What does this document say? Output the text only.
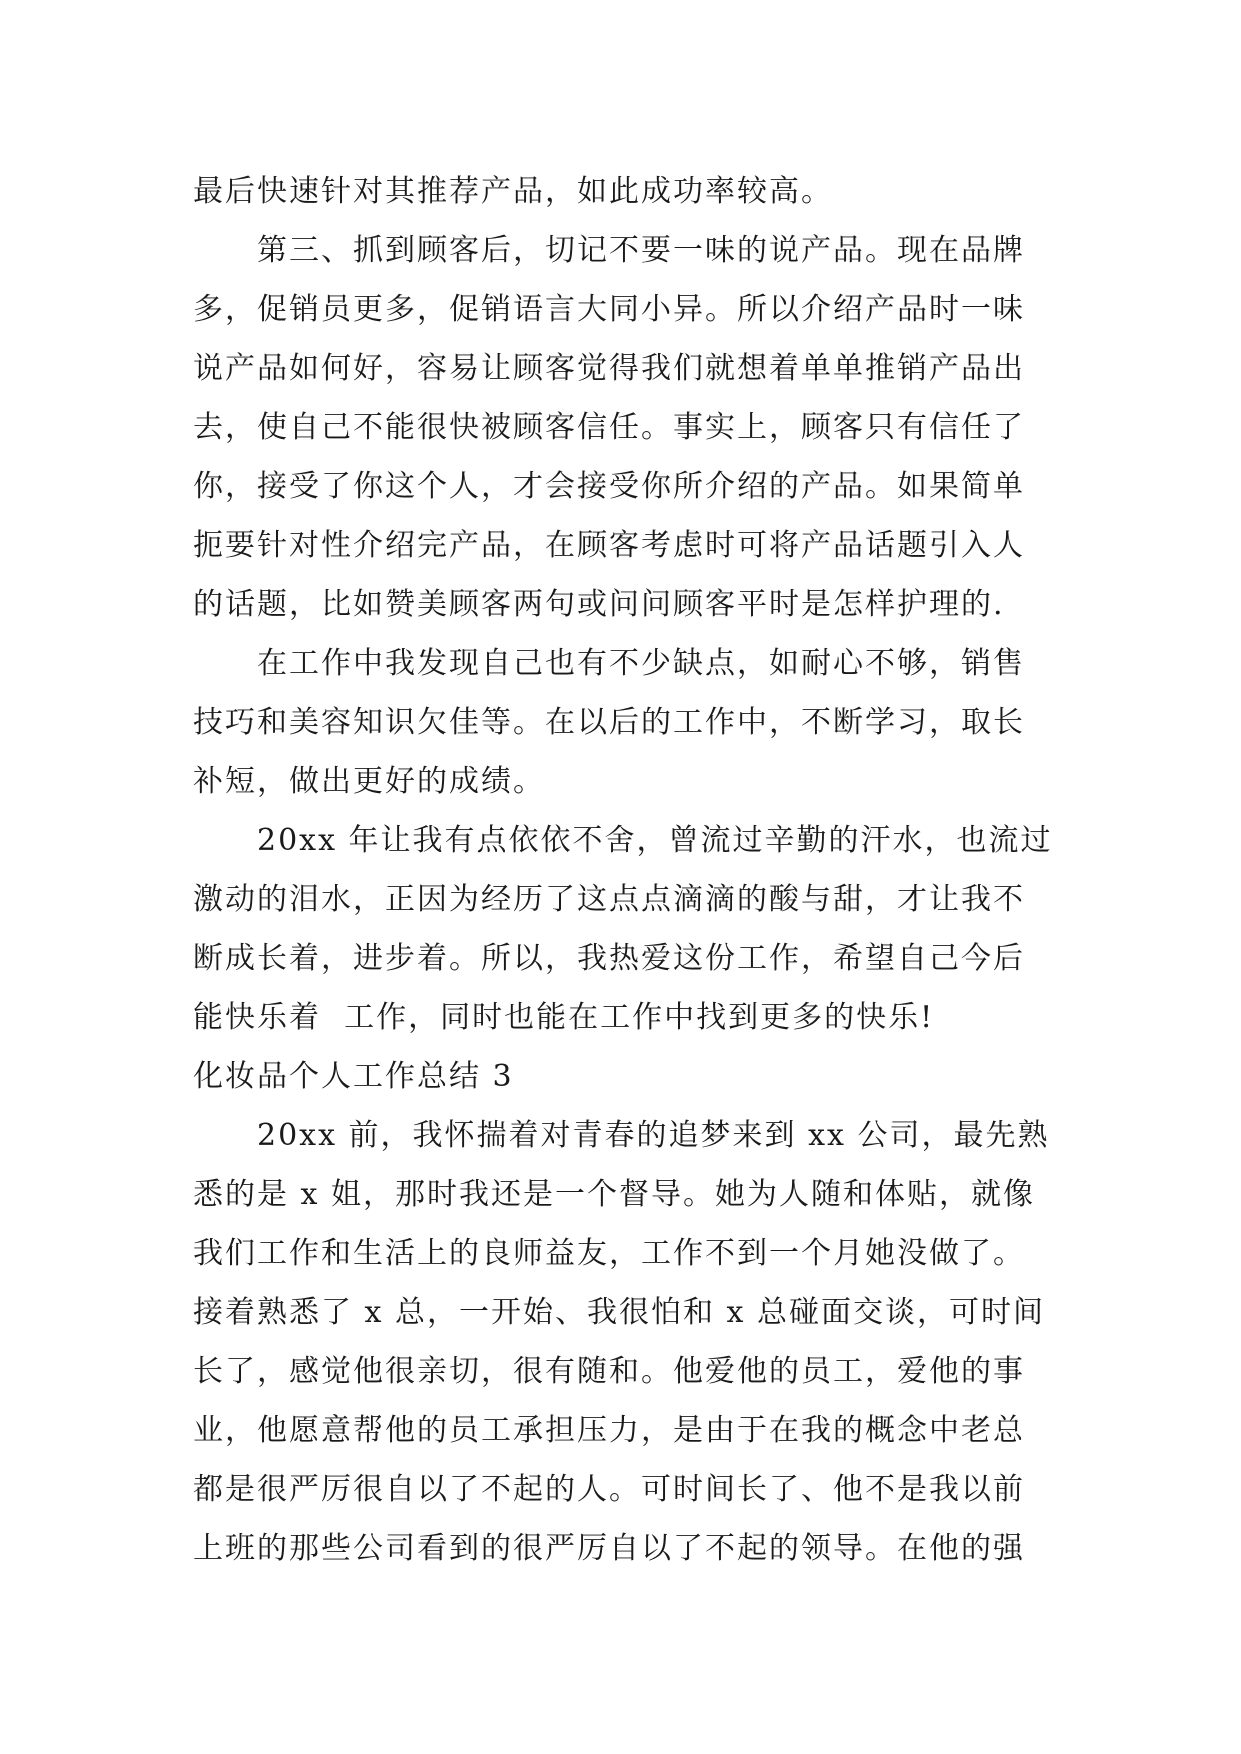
最后快速针对其推荐产品，如此成功率较高。
第三、抓到顾客后，切记不要一味的说产品。现在品牌
多，促销员更多，促销语言大同小异。所以介绍产品时一味
说产品如何好，容易让顾客觉得我们就想着单单推销产品出
去，使自己不能很快被顾客信任。事实上，顾客只有信任了
你，接受了你这个人，才会接受你所介绍的产品。如果简单
扼要针对性介绍完产品，在顾客考虑时可将产品话题引入人
的话题，比如赞美顾客两句或问问顾客平时是怎样护理的.
在工作中我发现自己也有不少缺点，如耐心不够，销售
技巧和美容知识欠佳等。在以后的工作中，不断学习，取长
补短，做出更好的成绩。
20xx 年让我有点依依不舍，曾流过辛勤的汗水，也流过
激动的泪水，正因为经历了这点点滴滴的酸与甜，才让我不
断成长着，进步着。所以，我热爱这份工作，希望自己今后
能快乐着  工作，同时也能在工作中找到更多的快乐!
化妆品个人工作总结 3
20xx 前，我怀揣着对青春的追梦来到 xx 公司，最先熟
悉的是 x 姐，那时我还是一个督导。她为人随和体贴，就像
我们工作和生活上的良师益友，工作不到一个月她没做了。
接着熟悉了 x 总，一开始、我很怕和 x 总碰面交谈，可时间
长了，感觉他很亲切，很有随和。他爱他的员工，爱他的事
业，他愿意帮他的员工承担压力，是由于在我的概念中老总
都是很严厉很自以了不起的人。可时间长了、他不是我以前
上班的那些公司看到的很严厉自以了不起的领导。在他的强
